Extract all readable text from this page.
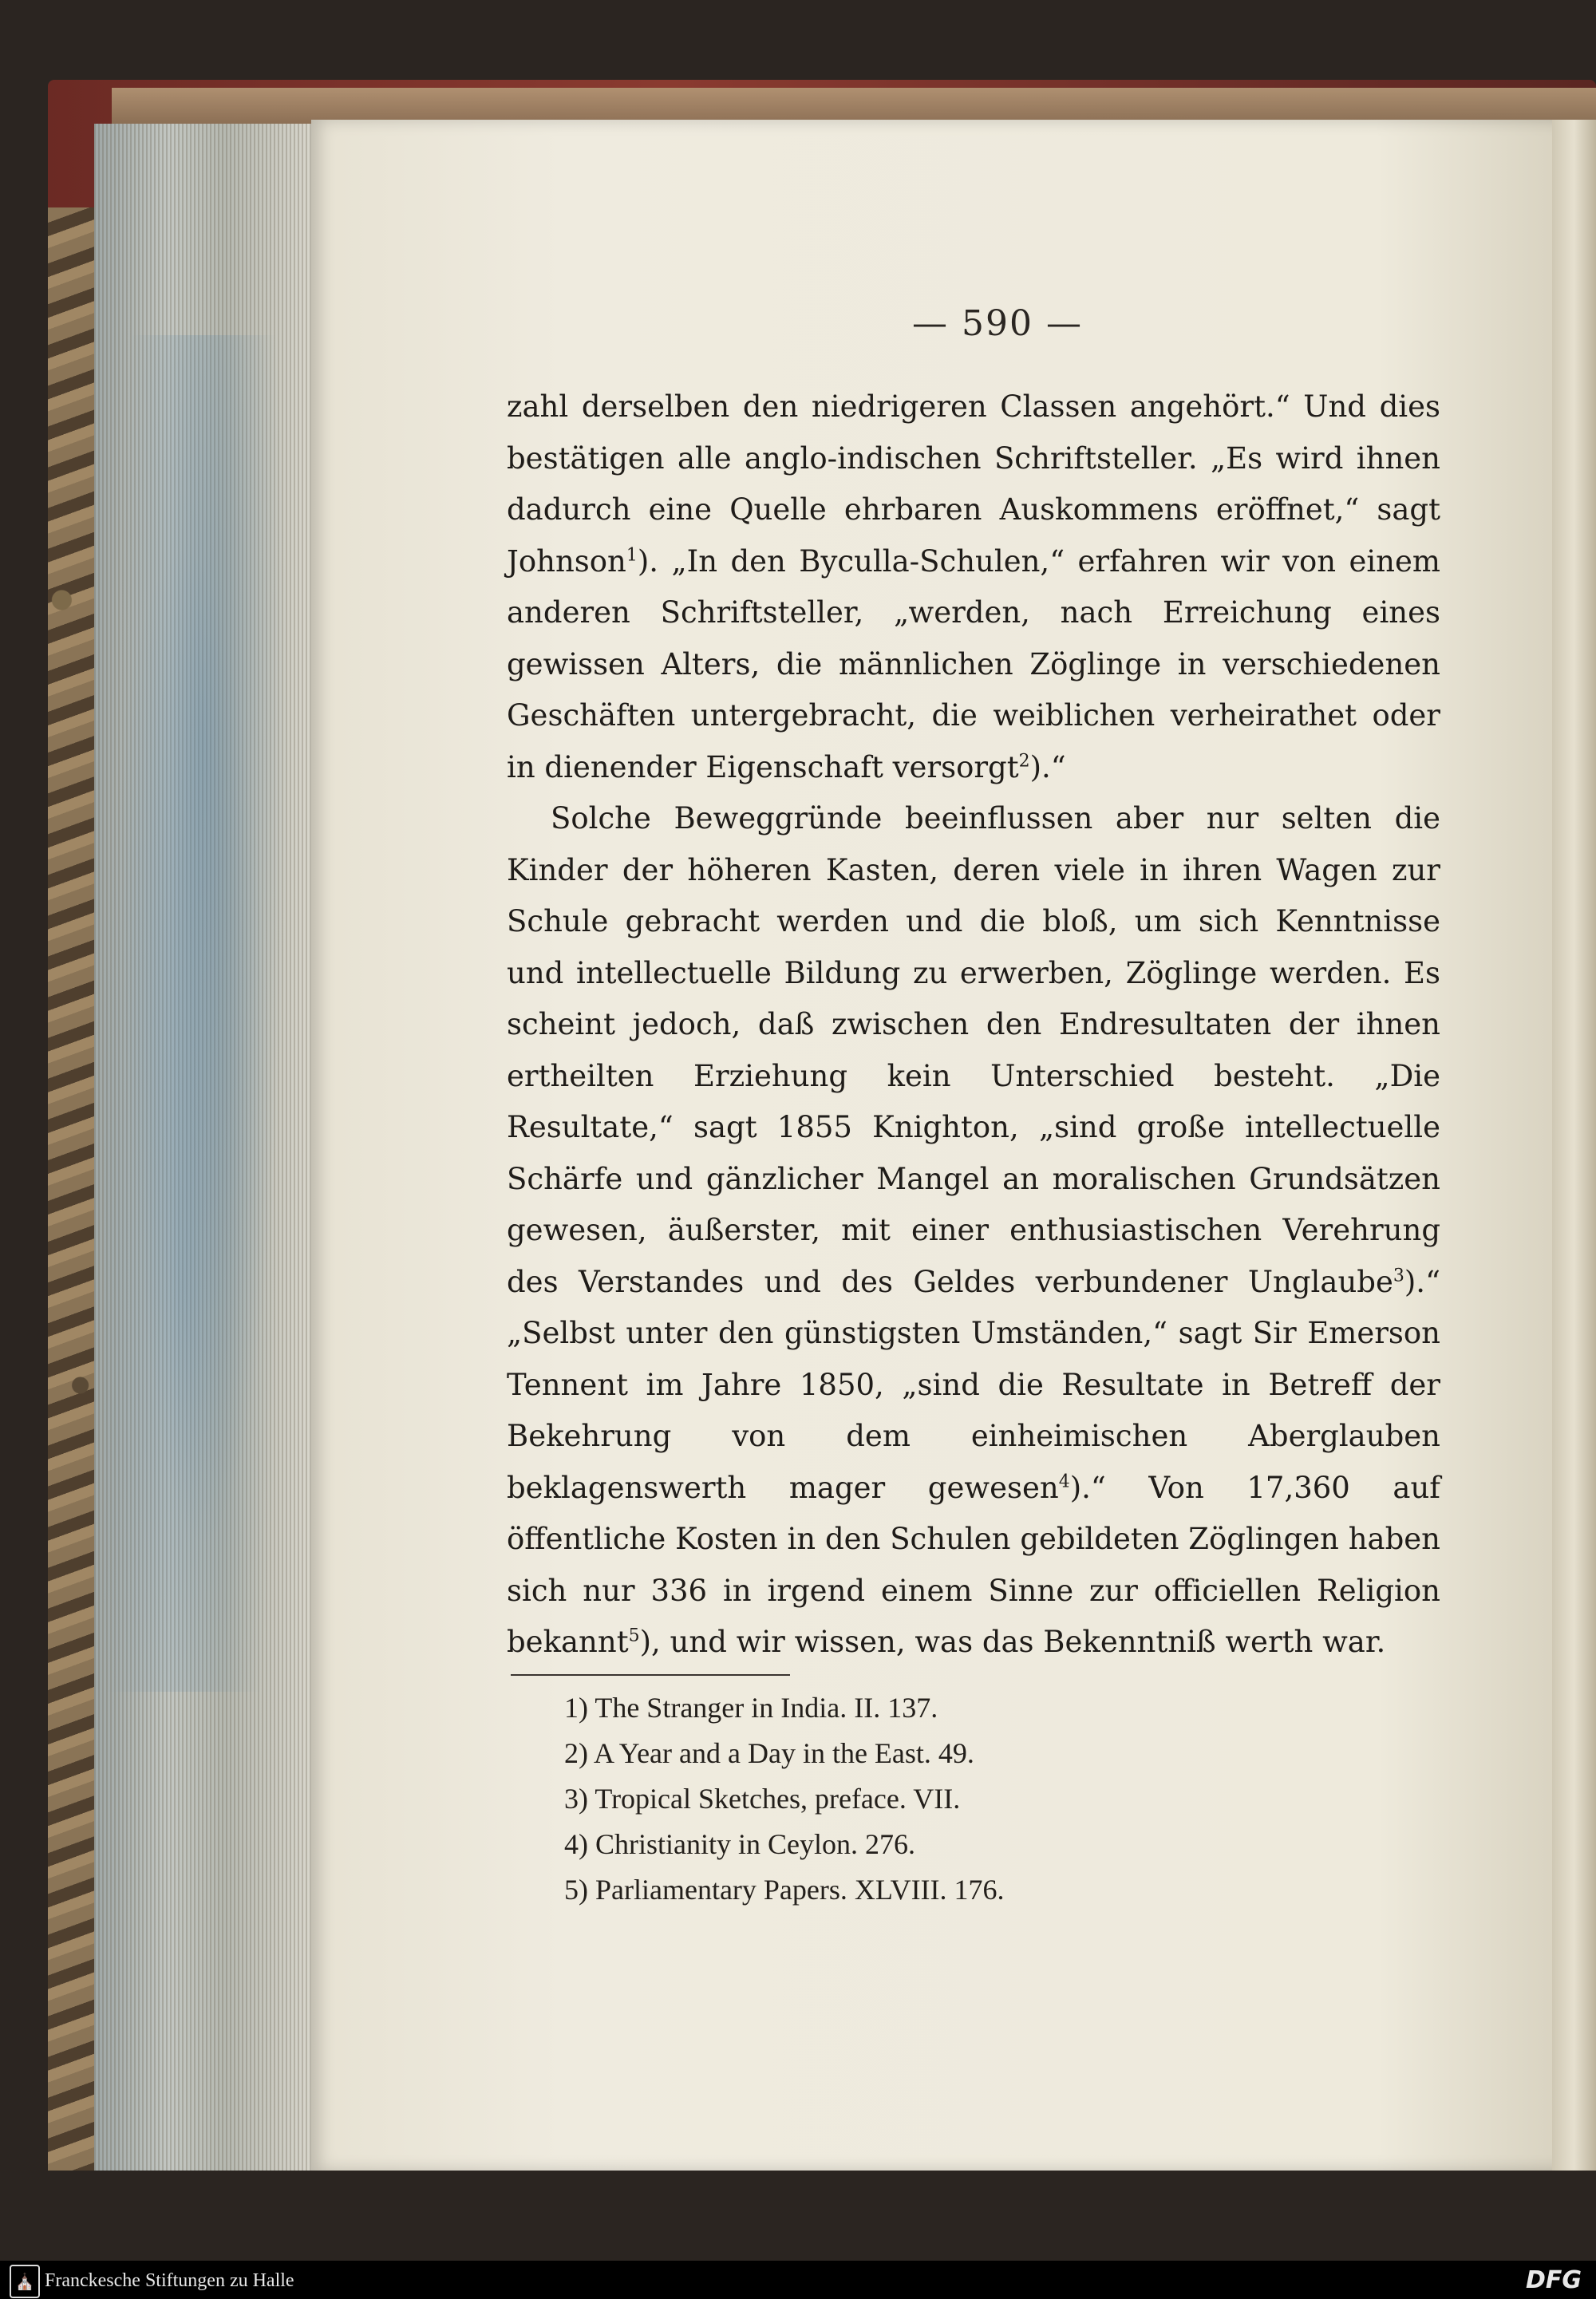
— 590 —

zahl derselben den niedrigeren Classen angehört.“ Und dies bestätigen alle anglo-indischen Schriftsteller. „Es wird ihnen dadurch eine Quelle ehrbaren Auskommens eröffnet,“ sagt Johnson$^1$). „In den Byculla-Schulen,“ erfahren wir von einem anderen Schriftsteller, „werden, nach Erreichung eines gewissen Alters, die männlichen Zöglinge in verschiedenen Geschäften untergebracht, die weiblichen verheirathet oder in dienender Eigenschaft versorgt$^2$).“

Solche Beweggründe beeinflussen aber nur selten die Kinder der höheren Kasten, deren viele in ihren Wagen zur Schule gebracht werden und die bloß, um sich Kenntnisse und intellectuelle Bildung zu erwerben, Zöglinge werden. Es scheint jedoch, daß zwischen den Endresultaten der ihnen ertheilten Erziehung kein Unterschied besteht. „Die Resultate,“ sagt 1855 Knighton, „sind große intellectuelle Schärfe und gänzlicher Mangel an moralischen Grundsätzen gewesen, äußerster, mit einer enthusiastischen Verehrung des Verstandes und des Geldes verbundener Unglaube$^3$).“ „Selbst unter den günstigsten Umständen,“ sagt Sir Emerson Tennent im Jahre 1850, „sind die Resultate in Betreff der Bekehrung von dem einheimischen Aberglauben beklagenswerth mager gewesen$^4$).“ Von 17,360 auf öffentliche Kosten in den Schulen gebildeten Zöglingen haben sich nur 336 in irgend einem Sinne zur officiellen Religion bekannt$^5$), und wir wissen, was das Bekenntniß werth war.

1) The Stranger in India. II. 137.
2) A Year and a Day in the East. 49.
3) Tropical Sketches, preface. VII.
4) Christianity in Ceylon. 276.
5) Parliamentary Papers. XLVIII. 176.
⛪ Franckesche Stiftungen zu Halle	DFG
